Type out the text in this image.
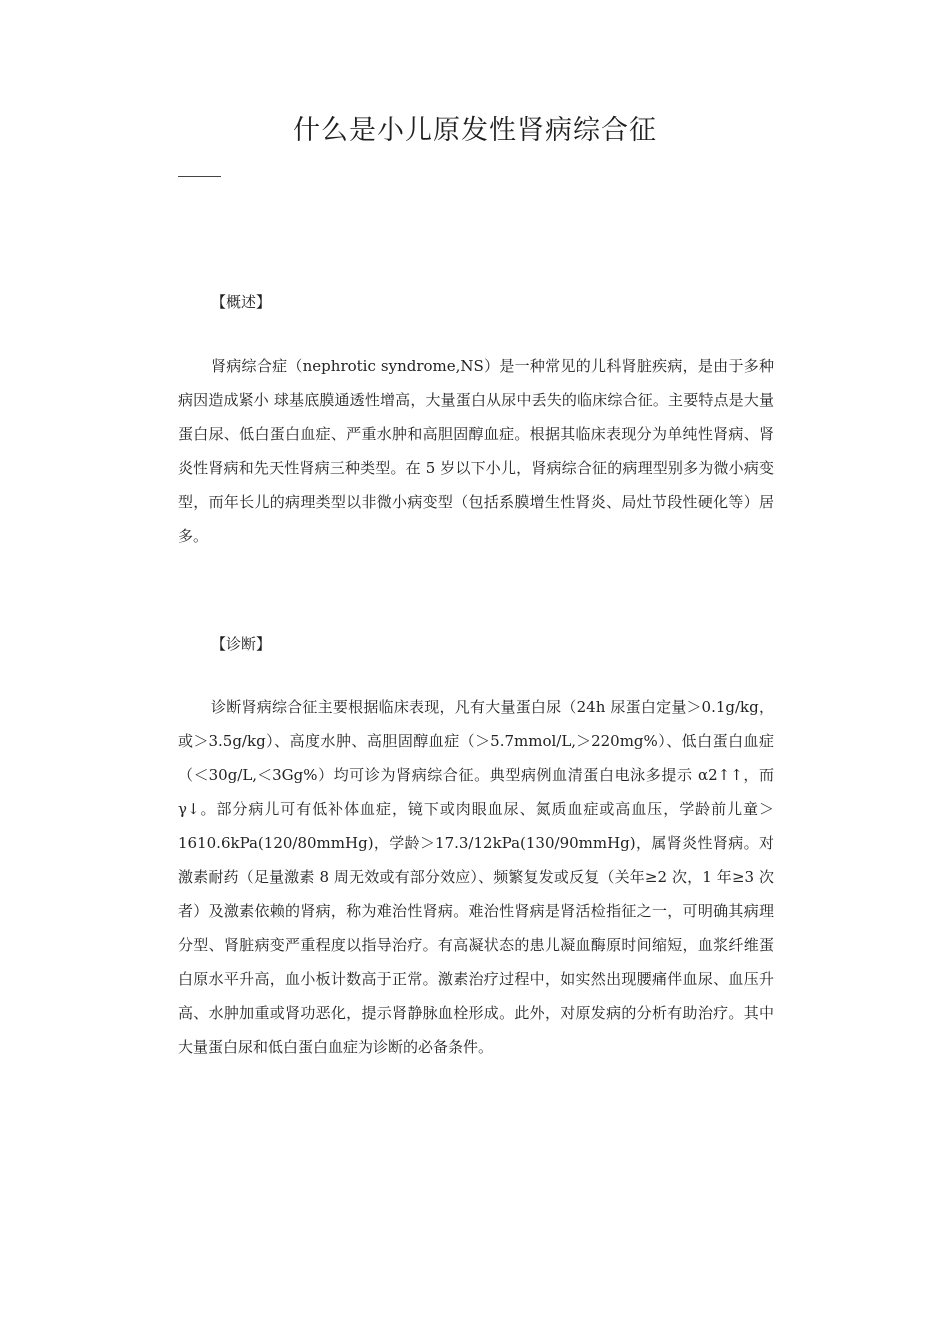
什么是小儿原发性肾病综合征
【概述】

肾病综合症（nephrotic syndrome,NS）是一种常见的儿科肾脏疾病，是由于多种病因造成紧小 球基底膜通透性增高，大量蛋白从尿中丢失的临床综合征。主要特点是大量蛋白尿、低白蛋白血症、严重水肿和高胆固醇血症。根据其临床表现分为单纯性肾病、肾炎性肾病和先天性肾病三种类型。在 5 岁以下小儿，肾病综合征的病理型别多为微小病变型，而年长儿的病理类型以非微小病变型（包括系膜增生性肾炎、局灶节段性硬化等）居多。

【诊断】

诊断肾病综合征主要根据临床表现，凡有大量蛋白尿（24h 尿蛋白定量＞0.1g/kg，或＞3.5g/kg）、高度水肿、高胆固醇血症（＞5.7mmol/L,＞220mg%）、低白蛋白血症（＜30g/L,＜3Gg%）均可诊为肾病综合征。典型病例血清蛋白电泳多提示 α2↑↑，而 γ↓。部分病儿可有低补体血症，镜下或肉眼血尿、氮质血症或高血压，学龄前儿童＞1610.6kPa(120/80mmHg)，学龄＞17.3/12kPa(130/90mmHg)，属肾炎性肾病。对激素耐药（足量激素 8 周无效或有部分效应）、频繁复发或反复（关年≥2 次，1 年≥3 次者）及激素依赖的肾病，称为难治性肾病。难治性肾病是肾活检指征之一，可明确其病理分型、肾脏病变严重程度以指导治疗。有高凝状态的患儿凝血酶原时间缩短，血浆纤维蛋白原水平升高，血小板计数高于正常。激素治疗过程中，如实然出现腰痛伴血尿、血压升高、水肿加重或肾功恶化，提示肾静脉血栓形成。此外，对原发病的分析有助治疗。其中大量蛋白尿和低白蛋白血症为诊断的必备条件。
